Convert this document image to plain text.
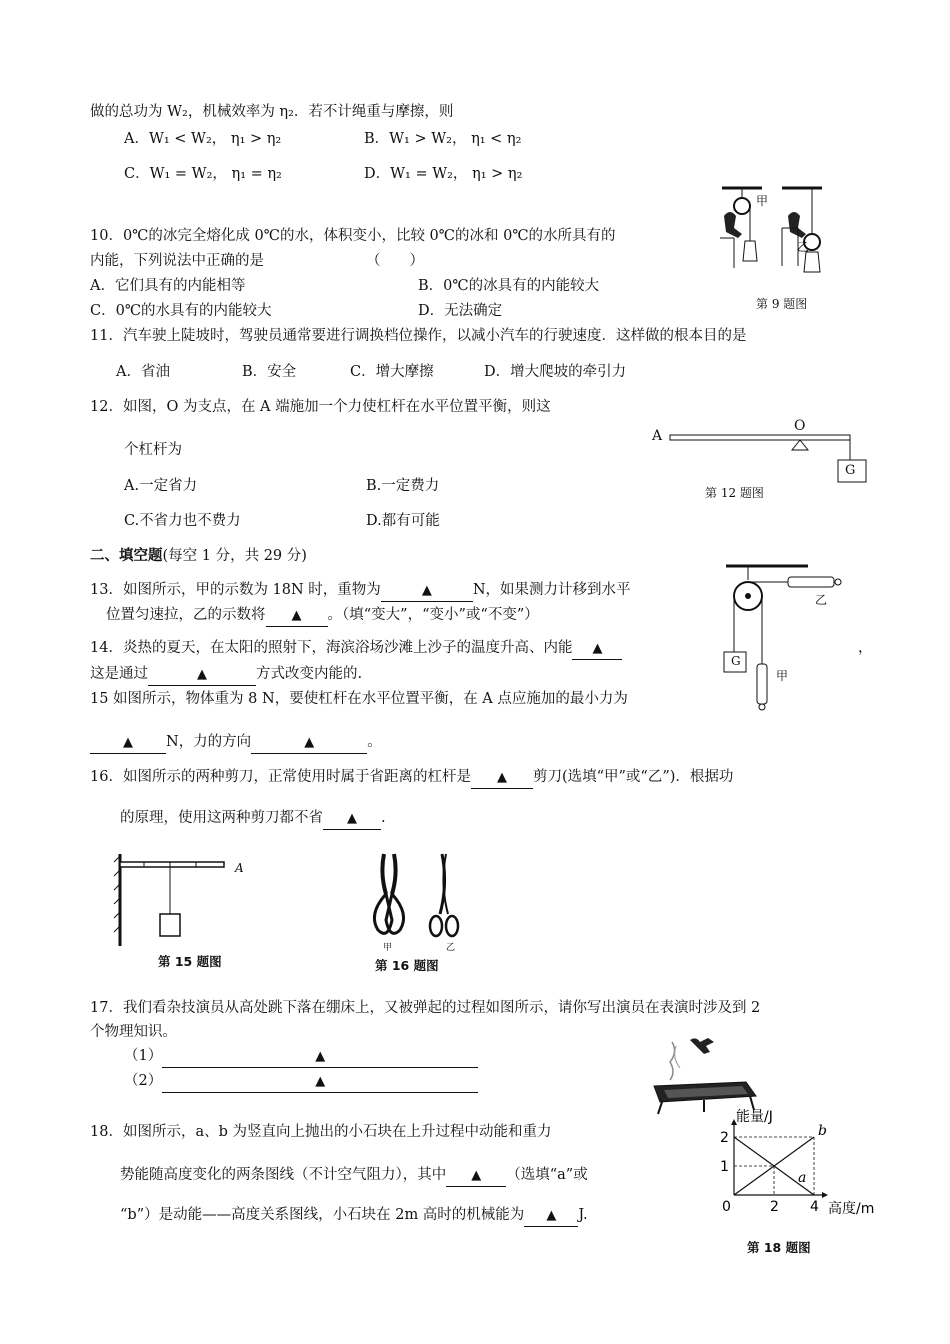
做的总功为 W₂，机械效率为 η₂．若不计绳重与摩擦，则
A．W₁ < W₂， η₁ > η₂	B．W₁ > W₂， η₁ < η₂
C．W₁ = W₂， η₁ = η₂	D．W₁ = W₂， η₁ > η₂
甲
乙
第 9 题图
10．0℃的冰完全熔化成 0℃的水，体积变小，比较 0℃的冰和 0℃的水所具有的
内能，下列说法中正确的是	（　　）
A．它们具有的内能相等	B．0℃的冰具有的内能较大
C．0℃的水具有的内能较大	D．无法确定
11．汽车驶上陡坡时，驾驶员通常要进行调换档位操作，以减小汽车的行驶速度．这样做的根本目的是
A．省油	B．安全	C．增大摩擦	D．增大爬坡的牵引力
12．如图，O 为支点，在 A 端施加一个力使杠杆在水平位置平衡，则这
个杠杆为
A.一定省力	B.一定费力
C.不省力也不费力	D.都有可能
A
O
G
第 12 题图
二、填空题(每空 1 分，共 29 分)
13．如图所示，甲的示数为 18N 时，重物为	▲	N，如果测力计移到水平
位置匀速拉，乙的示数将 ▲ 。（填“变大”，“变小”或“不变”）
乙
G
甲
14．炎热的夏天，在太阳的照射下，海滨浴场沙滩上沙子的温度升高、内能 ▲	，
这是通过	▲	方式改变内能的.
15 如图所示，物体重为 8 N，要使杠杆在水平位置平衡，在 A 点应施加的最小力为
▲ N，力的方向	▲	。
16．如图所示的两种剪刀，正常使用时属于省距离的杠杆是 ▲ 剪刀(选填“甲”或“乙”)．根据功
的原理，使用这两种剪刀都不省 ▲ .
A
第 15 题图
甲	乙
第 16 题图
17．我们看杂技演员从高处跳下落在绷床上，又被弹起的过程如图所示，请你写出演员在表演时涉及到 2
个物理知识。
（1）	▲
（2）	▲
18．如图所示，a、b 为竖直向上抛出的小石块在上升过程中动能和重力
势能随高度变化的两条图线（不计空气阻力），其中 ▲ （选填“a”或
“b”）是动能——高度关系图线，小石块在 2m 高时的机械能为 ▲ J.
b
a
0	2 4
1
2
高度/m
能量/J
第 18 题图
